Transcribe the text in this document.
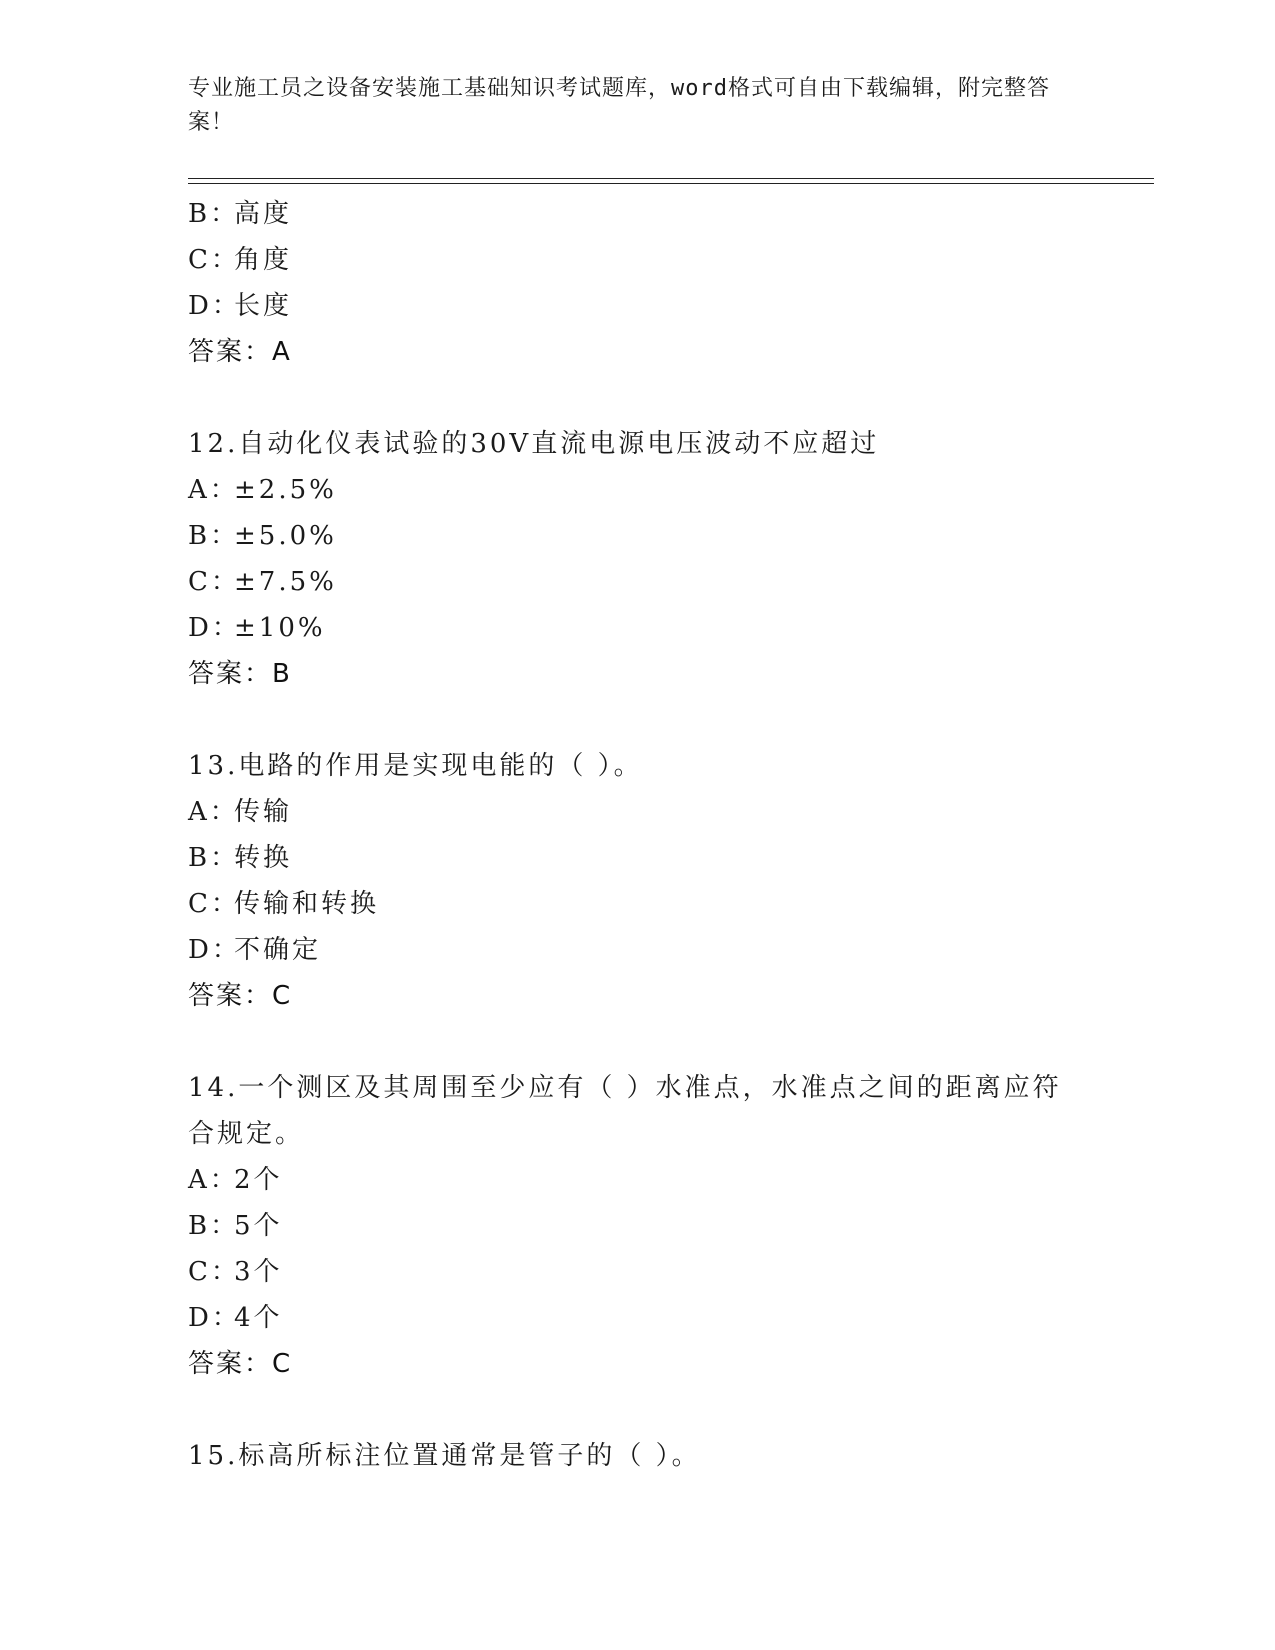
专业施工员之设备安装施工基础知识考试题库，word格式可自由下载编辑，附完整答案！
B：高度
C：角度
D：长度
答案：A
12.自动化仪表试验的30V直流电源电压波动不应超过
A：±2.5%
B：±5.0%
C：±7.5%
D：±10%
答案：B
13.电路的作用是实现电能的（ ）。
A：传输
B：转换
C：传输和转换
D：不确定
答案：C
14.一个测区及其周围至少应有（ ）水准点，水准点之间的距离应符
合规定。
A：2个
B：5个
C：3个
D：4个
答案：C
15.标高所标注位置通常是管子的（ ）。
